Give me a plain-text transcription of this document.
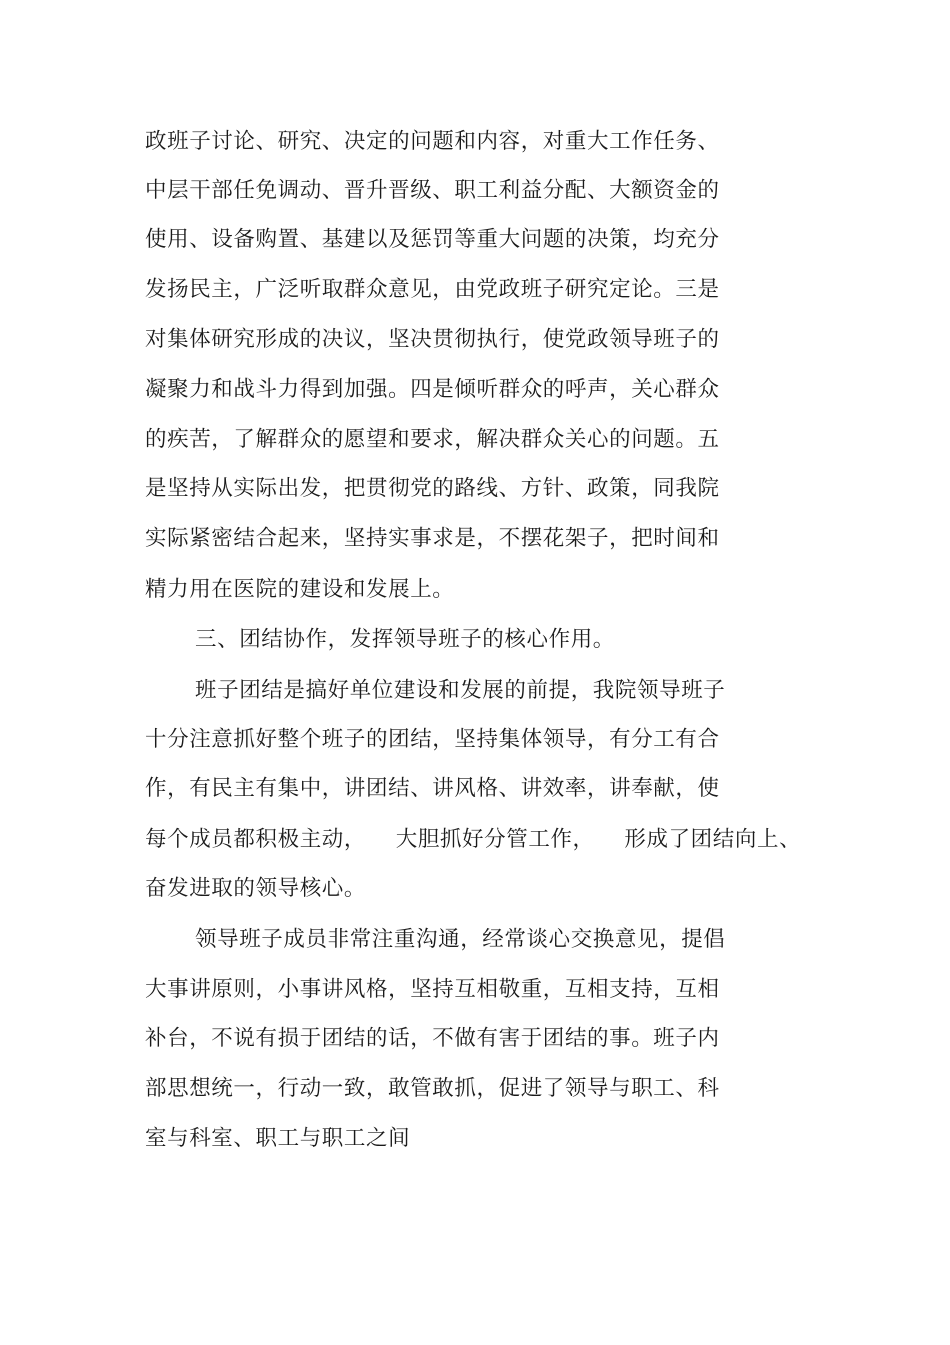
政班子讨论、研究、决定的问题和内容，对重大工作任务、
中层干部任免调动、晋升晋级、职工利益分配、大额资金的
使用、设备购置、基建以及惩罚等重大问题的决策，均充分
发扬民主，广泛听取群众意见，由党政班子研究定论。三是
对集体研究形成的决议，坚决贯彻执行，使党政领导班子的
凝聚力和战斗力得到加强。四是倾听群众的呼声，关心群众
的疾苦，了解群众的愿望和要求，解决群众关心的问题。五
是坚持从实际出发，把贯彻党的路线、方针、政策，同我院
实际紧密结合起来，坚持实事求是，不摆花架子，把时间和
精力用在医院的建设和发展上。
三、团结协作，发挥领导班子的核心作用。
班子团结是搞好单位建设和发展的前提，我院领导班子
十分注意抓好整个班子的团结，坚持集体领导，有分工有合
作，有民主有集中，讲团结、讲风格、讲效率，讲奉献，使
每个成员都积极主动，    大胆抓好分管工作，    形成了团结向上、
奋发进取的领导核心。
领导班子成员非常注重沟通，经常谈心交换意见，提倡
大事讲原则，小事讲风格，坚持互相敬重，互相支持，互相
补台，不说有损于团结的话，不做有害于团结的事。班子内
部思想统一，行动一致，敢管敢抓，促进了领导与职工、科
室与科室、职工与职工之间
